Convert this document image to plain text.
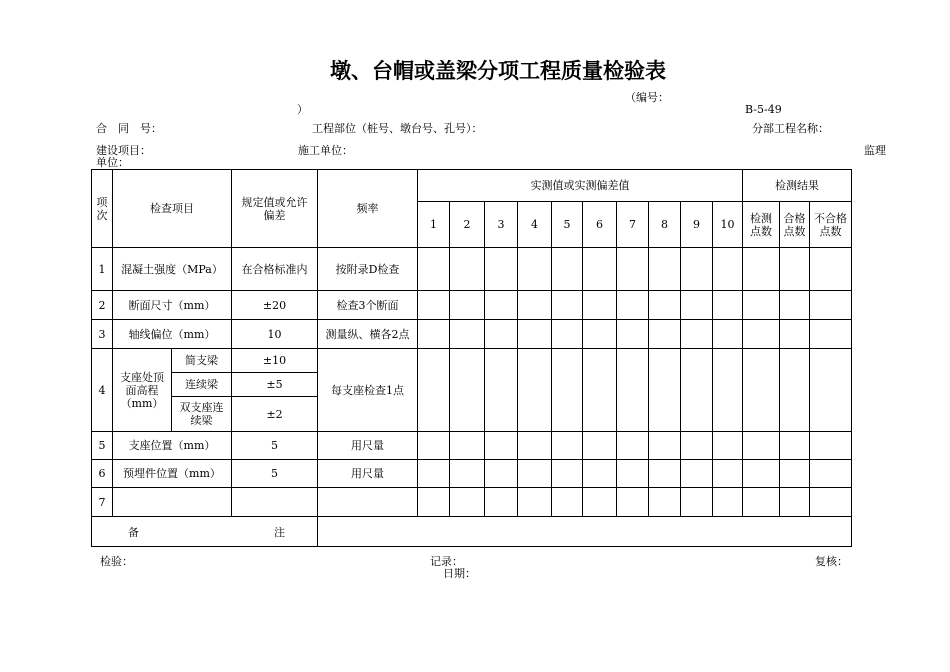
墩、台帽或盖梁分项工程质量检验表
（编号：
）	B-5-49
合　同　号：	工程部位（桩号、墩台号、孔号）：	分部工程名称：
建设项目：	施工单位：	监理
单位：
项次	检查项目		规定值或允许偏差	频率	实测值或实测偏差值										检测结果		
					1	2	3	4	5	6	7	8	9	10	检测点数	合格点数	不合格点数
1	混凝土强度（MPa）		在合格标准内	按附录D检查													
2	断面尺寸（mm）		±20	检查3个断面													
3	轴线偏位（mm）		10	测量纵、横各2点													
4	支座处顶面高程（mm）	简支梁	±10	每支座检查1点													
		连续梁	±5														
		双支座连续梁	±2														
5	支座位置（mm）		5	用尺量													
6	预埋件位置（mm）		5	用尺量													
7																	

备 注																	

检验：	记录：
日期：
复核：
